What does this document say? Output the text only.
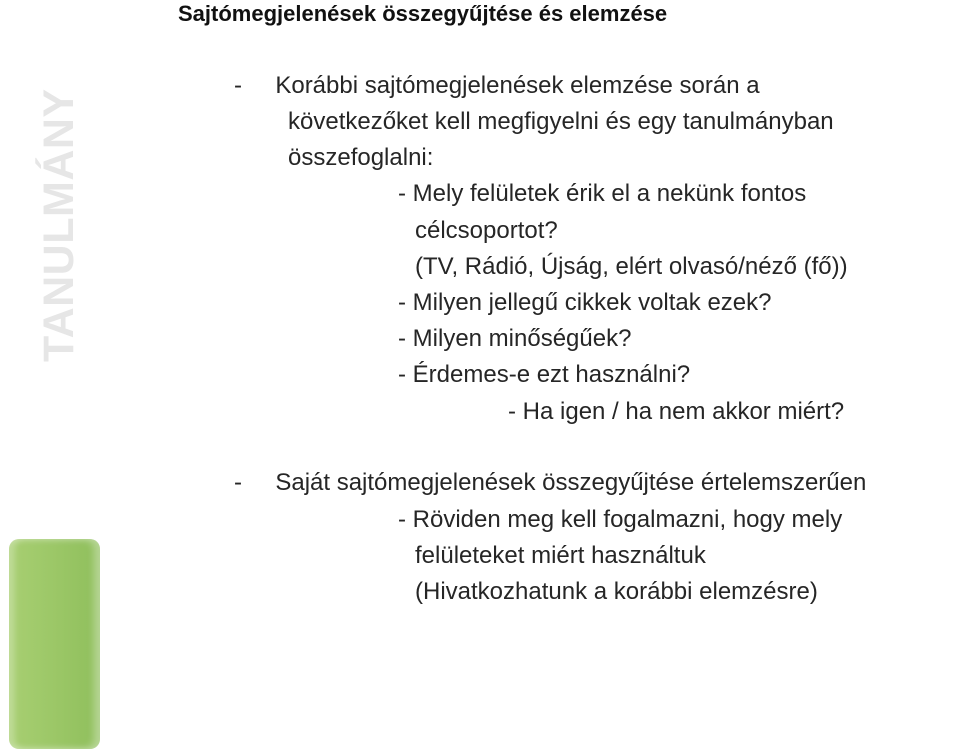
Sajtómegjelenések összegyűjtése és elemzése
TANULMÁNY
-     Korábbi sajtómegjelenések elemzése során a
következőket kell megfigyelni és egy tanulmányban
összefoglalni:
- Mely felületek érik el a nekünk fontos
célcsoportot?
(TV, Rádió, Újság, elért olvasó/néző (fő))
- Milyen jellegű cikkek voltak ezek?
- Milyen minőségűek?
- Érdemes-e ezt használni?
- Ha igen / ha nem akkor miért?
-     Saját sajtómegjelenések összegyűjtése értelemszerűen
- Röviden meg kell fogalmazni, hogy mely
felületeket miért használtuk
(Hivatkozhatunk a korábbi elemzésre)
